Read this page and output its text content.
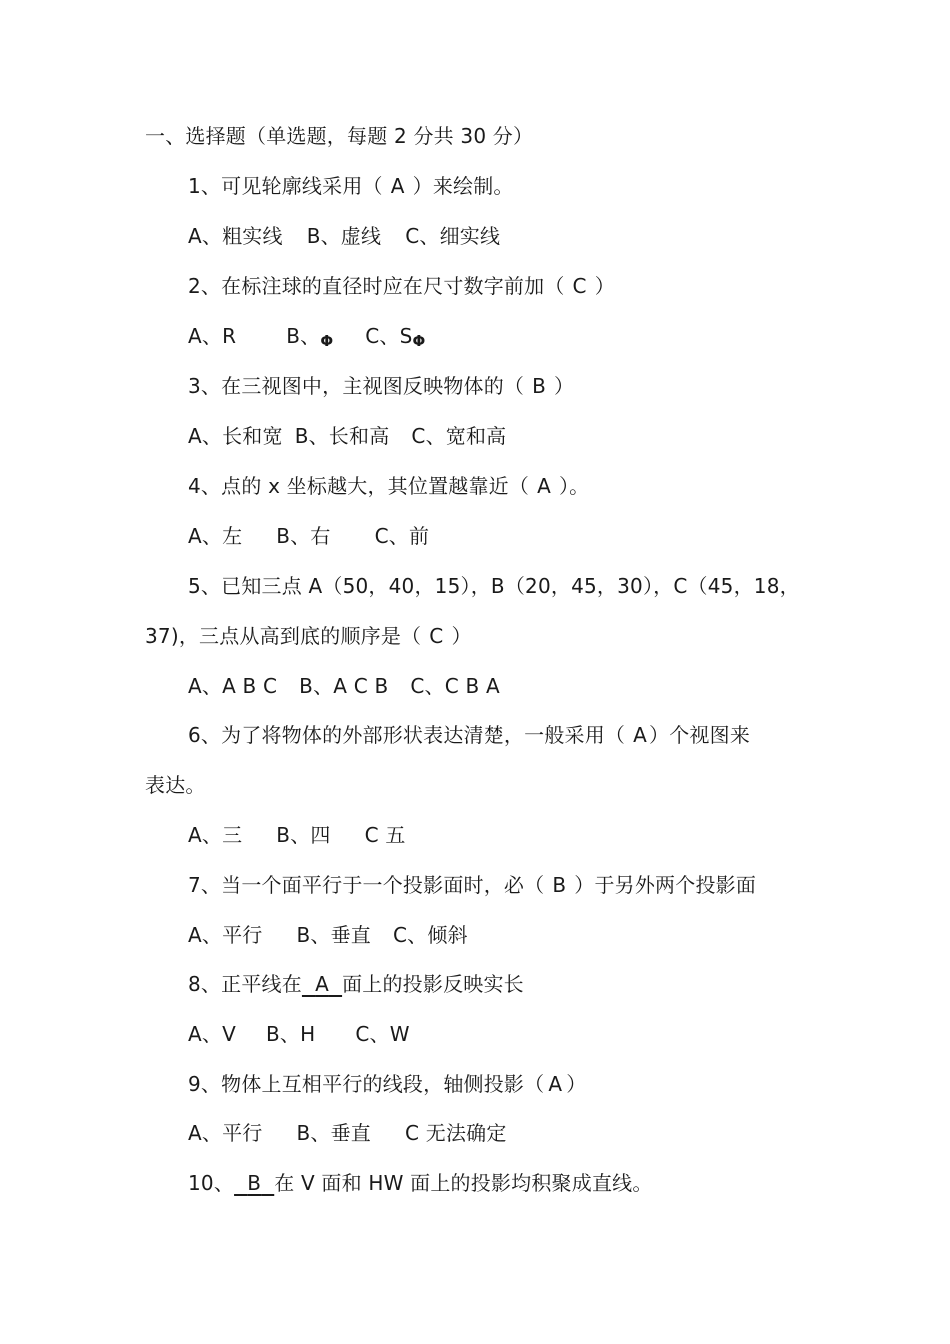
一、选择题（单选题，每题 2 分共 30 分）
1、可见轮廓线采用（ A ）来绘制。
A、粗实线 B、虚线 C、细实线
2、在标注球的直径时应在尺寸数字前加（ C ）
A、R	B、Φ C、SΦ
3、在三视图中，主视图反映物体的（ B ）
A、长和宽 B、长和高 C、宽和高
4、点的 x 坐标越大，其位置越靠近（ A ）。
A、左 B、右 C、前
5、已知三点 A（50，40，15），B（20，45，30），C（45，18，
37)，三点从高到底的顺序是（ C ）
A、A B C B、A C B C、C B A
6、为了将物体的外部形状表达清楚，一般采用（ A ）个视图来
表达。
A、三 B、四 C 五
7、当一个面平行于一个投影面时，必（ B ）于另外两个投影面
A、平行 B、垂直 C、倾斜
8、正平线在 A 面上的投影反映实长
A、V B、H C、W
9、物体上互相平行的线段，轴侧投影（ A ）
A、平行 B、垂直 C 无法确定
10、 B 在 V 面和 HW 面上的投影均积聚成直线。
